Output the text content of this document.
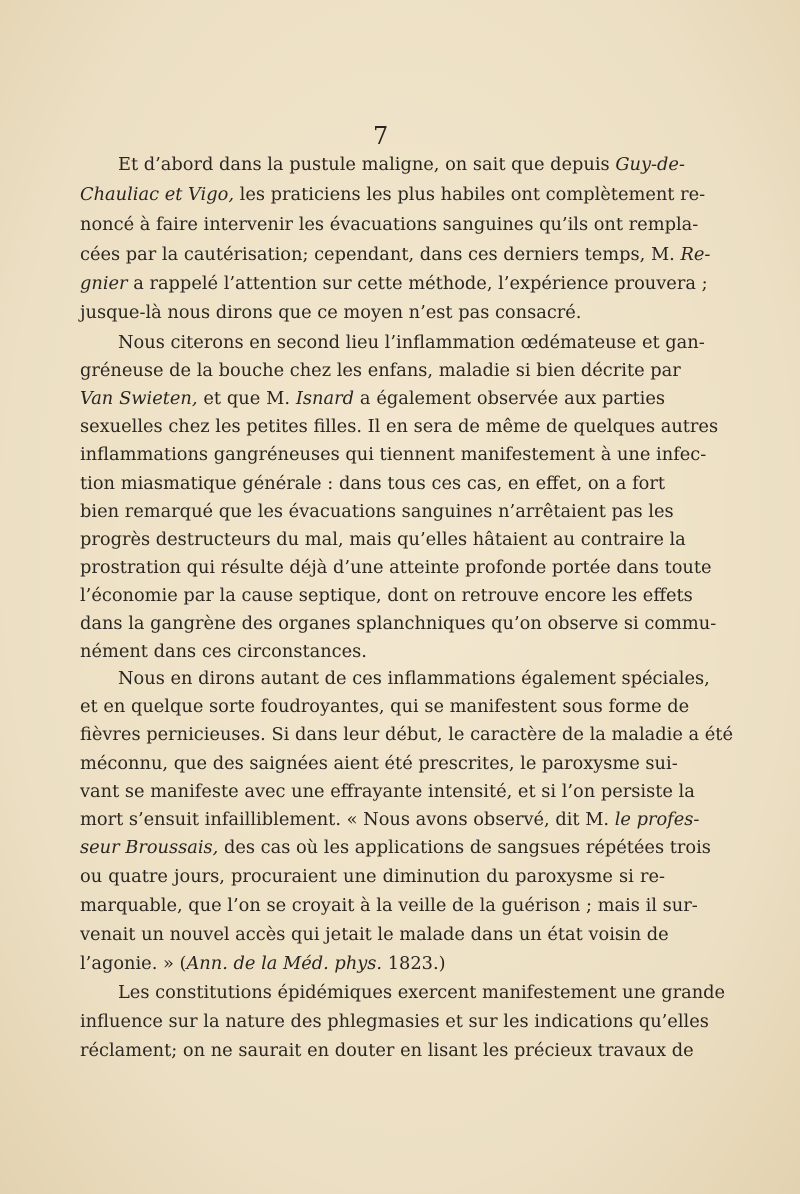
7
Et d’abord dans la pustule maligne, on sait que depuis Guy-de-
Chauliac et Vigo, les praticiens les plus habiles ont complètement re-
noncé à faire intervenir les évacuations sanguines qu’ils ont rempla-
cées par la cautérisation; cependant, dans ces derniers temps, M. Re-
gnier a rappelé l’attention sur cette méthode, l’expérience prouvera ;
jusque-là nous dirons que ce moyen n’est pas consacré.
Nous citerons en second lieu l’inflammation œdémateuse et gan-
gréneuse de la bouche chez les enfans, maladie si bien décrite par
Van Swieten, et que M. Isnard a également observée aux parties
sexuelles chez les petites filles. Il en sera de même de quelques autres
inflammations gangréneuses qui tiennent manifestement à une infec-
tion miasmatique générale : dans tous ces cas, en effet, on a fort
bien remarqué que les évacuations sanguines n’arrêtaient pas les
progrès destructeurs du mal, mais qu’elles hâtaient au contraire la
prostration qui résulte déjà d’une atteinte profonde portée dans toute
l’économie par la cause septique, dont on retrouve encore les effets
dans la gangrène des organes splanchniques qu’on observe si commu-
nément dans ces circonstances.
Nous en dirons autant de ces inflammations également spéciales,
et en quelque sorte foudroyantes, qui se manifestent sous forme de
fièvres pernicieuses. Si dans leur début, le caractère de la maladie a été
méconnu, que des saignées aient été prescrites, le paroxysme sui-
vant se manifeste avec une effrayante intensité, et si l’on persiste la
mort s’ensuit infailliblement. « Nous avons observé, dit M. le profes-
seur Broussais, des cas où les applications de sangsues répétées trois
ou quatre jours, procuraient une diminution du paroxysme si re-
marquable, que l’on se croyait à la veille de la guérison ; mais il sur-
venait un nouvel accès qui jetait le malade dans un état voisin de
l’agonie. » (Ann. de la Méd. phys. 1823.)
Les constitutions épidémiques exercent manifestement une grande
influence sur la nature des phlegmasies et sur les indications qu’elles
réclament; on ne saurait en douter en lisant les précieux travaux de
